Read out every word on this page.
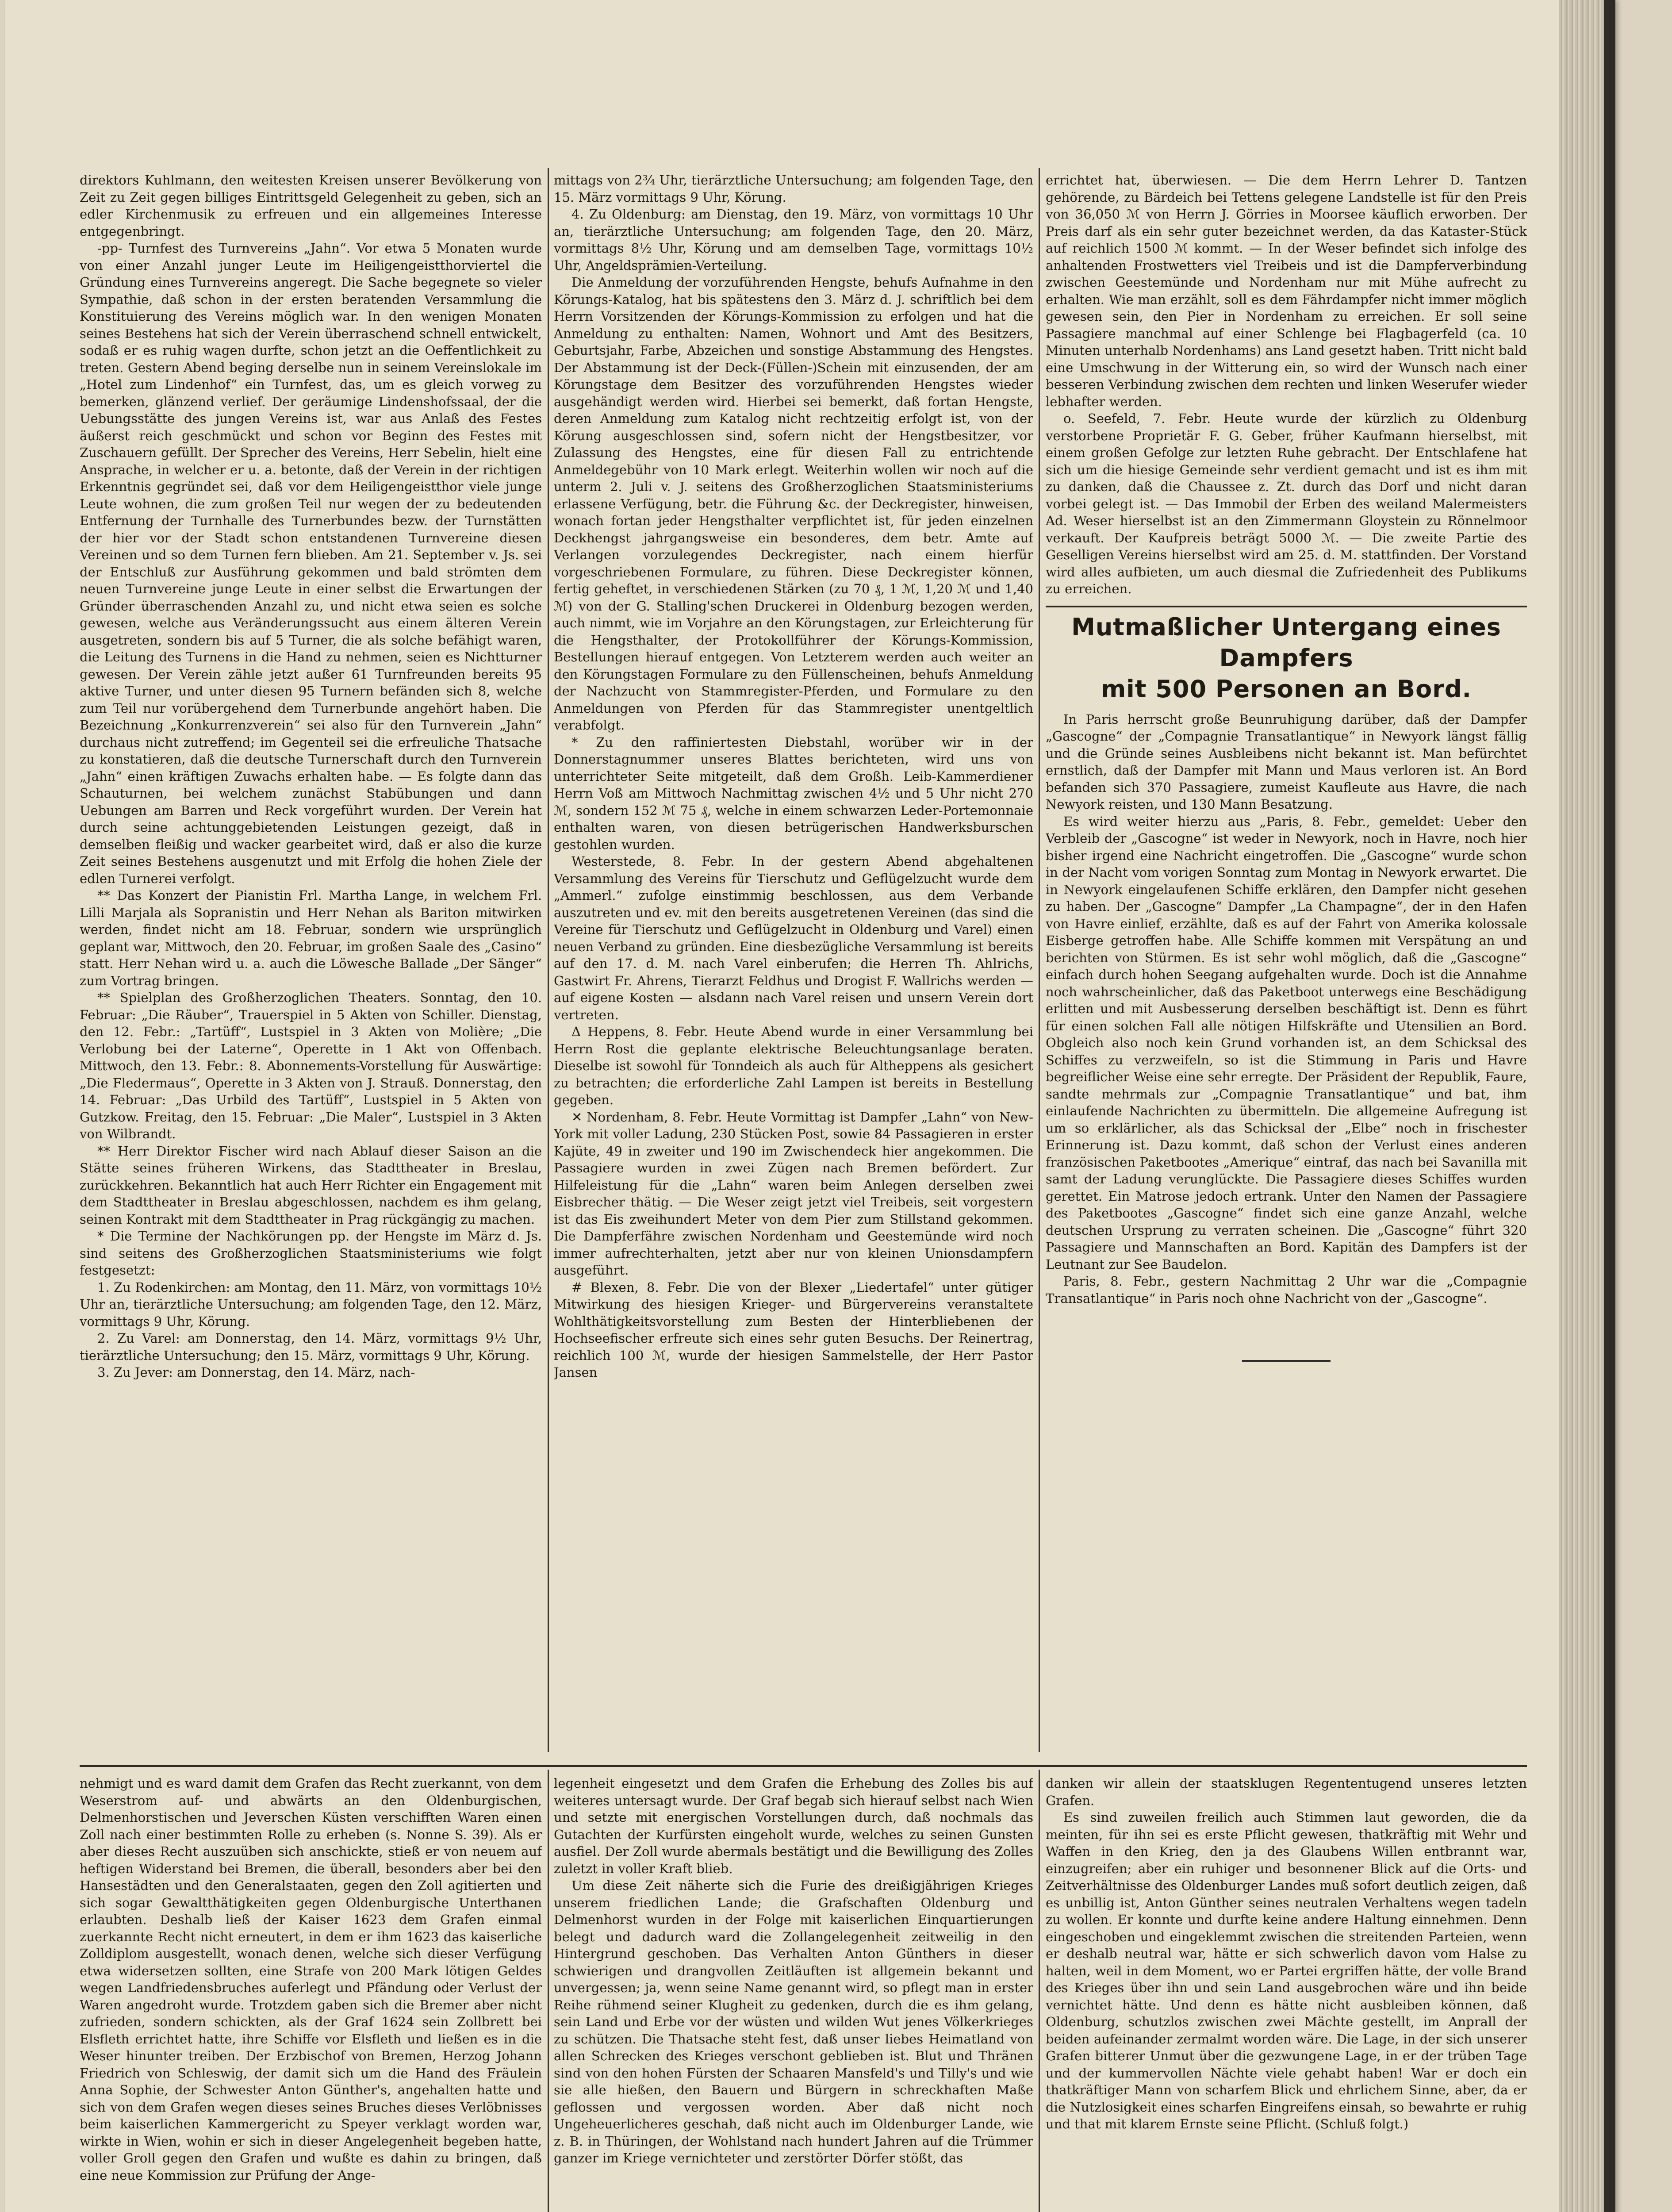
direktors Kuhlmann, den weitesten Kreisen unserer Bevölkerung von Zeit zu Zeit gegen billiges Eintrittsgeld Gelegenheit zu geben, sich an edler Kirchenmusik zu erfreuen und ein allgemeines Interesse entgegenbringt.

-pp- Turnfest des Turnvereins „Jahn“. Vor etwa 5 Monaten wurde von einer Anzahl junger Leute im Heiligengeistthorviertel die Gründung eines Turnvereins angeregt. Die Sache begegnete so vieler Sympathie, daß schon in der ersten beratenden Versammlung die Konstituierung des Vereins möglich war. In den wenigen Monaten seines Bestehens hat sich der Verein überraschend schnell entwickelt, sodaß er es ruhig wagen durfte, schon jetzt an die Oeffentlichkeit zu treten. Gestern Abend beging derselbe nun in seinem Vereinslokale im „Hotel zum Lindenhof“ ein Turnfest, das, um es gleich vorweg zu bemerken, glänzend verlief. Der geräumige Lindenshofssaal, der die Uebungsstätte des jungen Vereins ist, war aus Anlaß des Festes äußerst reich geschmückt und schon vor Beginn des Festes mit Zuschauern gefüllt. Der Sprecher des Vereins, Herr Sebelin, hielt eine Ansprache, in welcher er u. a. betonte, daß der Verein in der richtigen Erkenntnis gegründet sei, daß vor dem Heiligengeistthor viele junge Leute wohnen, die zum großen Teil nur wegen der zu bedeutenden Entfernung der Turnhalle des Turnerbundes bezw. der Turnstätten der hier vor der Stadt schon entstandenen Turnvereine diesen Vereinen und so dem Turnen fern blieben. Am 21. September v. Js. sei der Entschluß zur Ausführung gekommen und bald strömten dem neuen Turnvereine junge Leute in einer selbst die Erwartungen der Gründer überraschenden Anzahl zu, und nicht etwa seien es solche gewesen, welche aus Veränderungssucht aus einem älteren Verein ausgetreten, sondern bis auf 5 Turner, die als solche befähigt waren, die Leitung des Turnens in die Hand zu nehmen, seien es Nichtturner gewesen. Der Verein zähle jetzt außer 61 Turnfreunden bereits 95 aktive Turner, und unter diesen 95 Turnern befänden sich 8, welche zum Teil nur vorübergehend dem Turnerbunde angehört haben. Die Bezeichnung „Konkurrenzverein“ sei also für den Turnverein „Jahn“ durchaus nicht zutreffend; im Gegenteil sei die erfreuliche Thatsache zu konstatieren, daß die deutsche Turnerschaft durch den Turnverein „Jahn“ einen kräftigen Zuwachs erhalten habe. — Es folgte dann das Schauturnen, bei welchem zunächst Stabübungen und dann Uebungen am Barren und Reck vorgeführt wurden. Der Verein hat durch seine achtunggebietenden Leistungen gezeigt, daß in demselben fleißig und wacker gearbeitet wird, daß er also die kurze Zeit seines Bestehens ausgenutzt und mit Erfolg die hohen Ziele der edlen Turnerei verfolgt.

** Das Konzert der Pianistin Frl. Martha Lange, in welchem Frl. Lilli Marjala als Sopranistin und Herr Nehan als Bariton mitwirken werden, findet nicht am 18. Februar, sondern wie ursprünglich geplant war, Mittwoch, den 20. Februar, im großen Saale des „Casino“ statt. Herr Nehan wird u. a. auch die Löwesche Ballade „Der Sänger“ zum Vortrag bringen.

** Spielplan des Großherzoglichen Theaters. Sonntag, den 10. Februar: „Die Räuber“, Trauerspiel in 5 Akten von Schiller. Dienstag, den 12. Febr.: „Tartüff“, Lustspiel in 3 Akten von Molière; „Die Verlobung bei der Laterne“, Operette in 1 Akt von Offenbach. Mittwoch, den 13. Febr.: 8. Abonnements-Vorstellung für Auswärtige: „Die Fledermaus“, Operette in 3 Akten von J. Strauß. Donnerstag, den 14. Februar: „Das Urbild des Tartüff“, Lustspiel in 5 Akten von Gutzkow. Freitag, den 15. Februar: „Die Maler“, Lustspiel in 3 Akten von Wilbrandt.

** Herr Direktor Fischer wird nach Ablauf dieser Saison an die Stätte seines früheren Wirkens, das Stadttheater in Breslau, zurückkehren. Bekanntlich hat auch Herr Richter ein Engagement mit dem Stadttheater in Breslau abgeschlossen, nachdem es ihm gelang, seinen Kontrakt mit dem Stadttheater in Prag rückgängig zu machen.

* Die Termine der Nachkörungen pp. der Hengste im März d. Js. sind seitens des Großherzoglichen Staatsministeriums wie folgt festgesetzt:

1. Zu Rodenkirchen: am Montag, den 11. März, von vormittags 10½ Uhr an, tierärztliche Untersuchung; am folgenden Tage, den 12. März, vormittags 9 Uhr, Körung.

2. Zu Varel: am Donnerstag, den 14. März, vormittags 9½ Uhr, tierärztliche Untersuchung; den 15. März, vormittags 9 Uhr, Körung.

3. Zu Jever: am Donnerstag, den 14. März, nach-

mittags von 2¾ Uhr, tierärztliche Untersuchung; am folgenden Tage, den 15. März vormittags 9 Uhr, Körung.

4. Zu Oldenburg: am Dienstag, den 19. März, von vormittags 10 Uhr an, tierärztliche Untersuchung; am folgenden Tage, den 20. März, vormittags 8½ Uhr, Körung und am demselben Tage, vormittags 10½ Uhr, Angeldsprämien-Verteilung.

Die Anmeldung der vorzuführenden Hengste, behufs Aufnahme in den Körungs-Katalog, hat bis spätestens den 3. März d. J. schriftlich bei dem Herrn Vorsitzenden der Körungs-Kommission zu erfolgen und hat die Anmeldung zu enthalten: Namen, Wohnort und Amt des Besitzers, Geburtsjahr, Farbe, Abzeichen und sonstige Abstammung des Hengstes. Der Abstammung ist der Deck-(Füllen-)Schein mit einzusenden, der am Körungstage dem Besitzer des vorzuführenden Hengstes wieder ausgehändigt werden wird. Hierbei sei bemerkt, daß fortan Hengste, deren Anmeldung zum Katalog nicht rechtzeitig erfolgt ist, von der Körung ausgeschlossen sind, sofern nicht der Hengstbesitzer, vor Zulassung des Hengstes, eine für diesen Fall zu entrichtende Anmeldegebühr von 10 Mark erlegt. Weiterhin wollen wir noch auf die unterm 2. Juli v. J. seitens des Großherzoglichen Staatsministeriums erlassene Verfügung, betr. die Führung &c. der Deckregister, hinweisen, wonach fortan jeder Hengsthalter verpflichtet ist, für jeden einzelnen Deckhengst jahrgangsweise ein besonderes, dem betr. Amte auf Verlangen vorzulegendes Deckregister, nach einem hierfür vorgeschriebenen Formulare, zu führen. Diese Deckregister können, fertig geheftet, in verschiedenen Stärken (zu 70 ₰, 1 ℳ, 1,20 ℳ und 1,40 ℳ) von der G. Stalling'schen Druckerei in Oldenburg bezogen werden, auch nimmt, wie im Vorjahre an den Körungstagen, zur Erleichterung für die Hengsthalter, der Protokollführer der Körungs-Kommission, Bestellungen hierauf entgegen. Von Letzterem werden auch weiter an den Körungstagen Formulare zu den Füllenscheinen, behufs Anmeldung der Nachzucht von Stammregister-Pferden, und Formulare zu den Anmeldungen von Pferden für das Stammregister unentgeltlich verabfolgt.

* Zu den raffiniertesten Diebstahl, worüber wir in der Donnerstagnummer unseres Blattes berichteten, wird uns von unterrichteter Seite mitgeteilt, daß dem Großh. Leib-Kammerdiener Herrn Voß am Mittwoch Nachmittag zwischen 4½ und 5 Uhr nicht 270 ℳ, sondern 152 ℳ 75 ₰, welche in einem schwarzen Leder-Portemonnaie enthalten waren, von diesen betrügerischen Handwerksburschen gestohlen wurden.

Westerstede, 8. Febr. In der gestern Abend abgehaltenen Versammlung des Vereins für Tierschutz und Geflügelzucht wurde dem „Ammerl.“ zufolge einstimmig beschlossen, aus dem Verbande auszutreten und ev. mit den bereits ausgetretenen Vereinen (das sind die Vereine für Tierschutz und Geflügelzucht in Oldenburg und Varel) einen neuen Verband zu gründen. Eine diesbezügliche Versammlung ist bereits auf den 17. d. M. nach Varel einberufen; die Herren Th. Ahlrichs, Gastwirt Fr. Ahrens, Tierarzt Feldhus und Drogist F. Wallrichs werden — auf eigene Kosten — alsdann nach Varel reisen und unsern Verein dort vertreten.

Δ Heppens, 8. Febr. Heute Abend wurde in einer Versammlung bei Herrn Rost die geplante elektrische Beleuchtungsanlage beraten. Dieselbe ist sowohl für Tonndeich als auch für Altheppens als gesichert zu betrachten; die erforderliche Zahl Lampen ist bereits in Bestellung gegeben.

✕ Nordenham, 8. Febr. Heute Vormittag ist Dampfer „Lahn“ von New-York mit voller Ladung, 230 Stücken Post, sowie 84 Passagieren in erster Kajüte, 49 in zweiter und 190 im Zwischendeck hier angekommen. Die Passagiere wurden in zwei Zügen nach Bremen befördert. Zur Hilfeleistung für die „Lahn“ waren beim Anlegen derselben zwei Eisbrecher thätig. — Die Weser zeigt jetzt viel Treibeis, seit vorgestern ist das Eis zweihundert Meter von dem Pier zum Stillstand gekommen. Die Dampferfähre zwischen Nordenham und Geestemünde wird noch immer aufrechterhalten, jetzt aber nur von kleinen Unionsdampfern ausgeführt.

# Blexen, 8. Febr. Die von der Blexer „Liedertafel“ unter gütiger Mitwirkung des hiesigen Krieger- und Bürgervereins veranstaltete Wohlthätigkeitsvorstellung zum Besten der Hinterbliebenen der Hochseefischer erfreute sich eines sehr guten Besuchs. Der Reinertrag, reichlich 100 ℳ, wurde der hiesigen Sammelstelle, der Herr Pastor Jansen

errichtet hat, überwiesen. — Die dem Herrn Lehrer D. Tantzen gehörende, zu Bärdeich bei Tettens gelegene Landstelle ist für den Preis von 36,050 ℳ von Herrn J. Görries in Moorsee käuflich erworben. Der Preis darf als ein sehr guter bezeichnet werden, da das Kataster-Stück auf reichlich 1500 ℳ kommt. — In der Weser befindet sich infolge des anhaltenden Frostwetters viel Treibeis und ist die Dampferverbindung zwischen Geestemünde und Nordenham nur mit Mühe aufrecht zu erhalten. Wie man erzählt, soll es dem Fährdampfer nicht immer möglich gewesen sein, den Pier in Nordenham zu erreichen. Er soll seine Passagiere manchmal auf einer Schlenge bei Flagbagerfeld (ca. 10 Minuten unterhalb Nordenhams) ans Land gesetzt haben. Tritt nicht bald eine Umschwung in der Witterung ein, so wird der Wunsch nach einer besseren Verbindung zwischen dem rechten und linken Weserufer wieder lebhafter werden.

o. Seefeld, 7. Febr. Heute wurde der kürzlich zu Oldenburg verstorbene Proprietär F. G. Geber, früher Kaufmann hierselbst, mit einem großen Gefolge zur letzten Ruhe gebracht. Der Entschlafene hat sich um die hiesige Gemeinde sehr verdient gemacht und ist es ihm mit zu danken, daß die Chaussee z. Zt. durch das Dorf und nicht daran vorbei gelegt ist. — Das Immobil der Erben des weiland Malermeisters Ad. Weser hierselbst ist an den Zimmermann Gloystein zu Rönnelmoor verkauft. Der Kaufpreis beträgt 5000 ℳ. — Die zweite Partie des Geselligen Vereins hierselbst wird am 25. d. M. stattfinden. Der Vorstand wird alles aufbieten, um auch diesmal die Zufriedenheit des Publikums zu erreichen.

Mutmaßlicher Untergang eines Dampfers
mit 500 Personen an Bord.

In Paris herrscht große Beunruhigung darüber, daß der Dampfer „Gascogne“ der „Compagnie Transatlantique“ in Newyork längst fällig und die Gründe seines Ausbleibens nicht bekannt ist. Man befürchtet ernstlich, daß der Dampfer mit Mann und Maus verloren ist. An Bord befanden sich 370 Passagiere, zumeist Kaufleute aus Havre, die nach Newyork reisten, und 130 Mann Besatzung.

Es wird weiter hierzu aus „Paris, 8. Febr., gemeldet: Ueber den Verbleib der „Gascogne“ ist weder in Newyork, noch in Havre, noch hier bisher irgend eine Nachricht eingetroffen. Die „Gascogne“ wurde schon in der Nacht vom vorigen Sonntag zum Montag in Newyork erwartet. Die in Newyork eingelaufenen Schiffe erklären, den Dampfer nicht gesehen zu haben. Der „Gascogne“ Dampfer „La Champagne“, der in den Hafen von Havre einlief, erzählte, daß es auf der Fahrt von Amerika kolossale Eisberge getroffen habe. Alle Schiffe kommen mit Verspätung an und berichten von Stürmen. Es ist sehr wohl möglich, daß die „Gascogne“ einfach durch hohen Seegang aufgehalten wurde. Doch ist die Annahme noch wahrscheinlicher, daß das Paketboot unterwegs eine Beschädigung erlitten und mit Ausbesserung derselben beschäftigt ist. Denn es führt für einen solchen Fall alle nötigen Hilfskräfte und Utensilien an Bord. Obgleich also noch kein Grund vorhanden ist, an dem Schicksal des Schiffes zu verzweifeln, so ist die Stimmung in Paris und Havre begreiflicher Weise eine sehr erregte. Der Präsident der Republik, Faure, sandte mehrmals zur „Compagnie Transatlantique“ und bat, ihm einlaufende Nachrichten zu übermitteln. Die allgemeine Aufregung ist um so erklärlicher, als das Schicksal der „Elbe“ noch in frischester Erinnerung ist. Dazu kommt, daß schon der Verlust eines anderen französischen Paketbootes „Amerique“ eintraf, das nach bei Savanilla mit samt der Ladung verunglückte. Die Passagiere dieses Schiffes wurden gerettet. Ein Matrose jedoch ertrank. Unter den Namen der Passagiere des Paketbootes „Gascogne“ findet sich eine ganze Anzahl, welche deutschen Ursprung zu verraten scheinen. Die „Gascogne“ führt 320 Passagiere und Mannschaften an Bord. Kapitän des Dampfers ist der Leutnant zur See Baudelon.

Paris, 8. Febr., gestern Nachmittag 2 Uhr war die „Compagnie Transatlantique“ in Paris noch ohne Nachricht von der „Gascogne“.

nehmigt und es ward damit dem Grafen das Recht zuerkannt, von dem Weserstrom auf- und abwärts an den Oldenburgischen, Delmenhorstischen und Jeverschen Küsten verschifften Waren einen Zoll nach einer bestimmten Rolle zu erheben (s. Nonne S. 39). Als er aber dieses Recht auszuüben sich anschickte, stieß er von neuem auf heftigen Widerstand bei Bremen, die überall, besonders aber bei den Hansestädten und den Generalstaaten, gegen den Zoll agitierten und sich sogar Gewaltthätigkeiten gegen Oldenburgische Unterthanen erlaubten. Deshalb ließ der Kaiser 1623 dem Grafen einmal zuerkannte Recht nicht erneutert, in dem er ihm 1623 das kaiserliche Zolldiplom ausgestellt, wonach denen, welche sich dieser Verfügung etwa widersetzen sollten, eine Strafe von 200 Mark lötigen Geldes wegen Landfriedensbruches auferlegt und Pfändung oder Verlust der Waren angedroht wurde. Trotzdem gaben sich die Bremer aber nicht zufrieden, sondern schickten, als der Graf 1624 sein Zollbrett bei Elsfleth errichtet hatte, ihre Schiffe vor Elsfleth und ließen es in die Weser hinunter treiben. Der Erzbischof von Bremen, Herzog Johann Friedrich von Schleswig, der damit sich um die Hand des Fräulein Anna Sophie, der Schwester Anton Günther's, angehalten hatte und sich von dem Grafen wegen dieses seines Bruches dieses Verlöbnisses beim kaiserlichen Kammergericht zu Speyer verklagt worden war, wirkte in Wien, wohin er sich in dieser Angelegenheit begeben hatte, voller Groll gegen den Grafen und wußte es dahin zu bringen, daß eine neue Kommission zur Prüfung der Ange-

legenheit eingesetzt und dem Grafen die Erhebung des Zolles bis auf weiteres untersagt wurde. Der Graf begab sich hierauf selbst nach Wien und setzte mit energischen Vorstellungen durch, daß nochmals das Gutachten der Kurfürsten eingeholt wurde, welches zu seinen Gunsten ausfiel. Der Zoll wurde abermals bestätigt und die Bewilligung des Zolles zuletzt in voller Kraft blieb.

Um diese Zeit näherte sich die Furie des dreißigjährigen Krieges unserem friedlichen Lande; die Grafschaften Oldenburg und Delmenhorst wurden in der Folge mit kaiserlichen Einquartierungen belegt und dadurch ward die Zollangelegenheit zeitweilig in den Hintergrund geschoben. Das Verhalten Anton Günthers in dieser schwierigen und drangvollen Zeitläuften ist allgemein bekannt und unvergessen; ja, wenn seine Name genannt wird, so pflegt man in erster Reihe rühmend seiner Klugheit zu gedenken, durch die es ihm gelang, sein Land und Erbe vor der wüsten und wilden Wut jenes Völkerkrieges zu schützen. Die Thatsache steht fest, daß unser liebes Heimatland von allen Schrecken des Krieges verschont geblieben ist. Blut und Thränen sind von den hohen Fürsten der Schaaren Mansfeld's und Tilly's und wie sie alle hießen, den Bauern und Bürgern in schreckhaften Maße geflossen und vergossen worden. Aber daß nicht noch Ungeheuerlicheres geschah, daß nicht auch im Oldenburger Lande, wie z. B. in Thüringen, der Wohlstand nach hundert Jahren auf die Trümmer ganzer im Kriege vernichteter und zerstörter Dörfer stößt, das

danken wir allein der staatsklugen Regententugend unseres letzten Grafen.

Es sind zuweilen freilich auch Stimmen laut geworden, die da meinten, für ihn sei es erste Pflicht gewesen, thatkräftig mit Wehr und Waffen in den Krieg, den ja des Glaubens Willen entbrannt war, einzugreifen; aber ein ruhiger und besonnener Blick auf die Orts- und Zeitverhältnisse des Oldenburger Landes muß sofort deutlich zeigen, daß es unbillig ist, Anton Günther seines neutralen Verhaltens wegen tadeln zu wollen. Er konnte und durfte keine andere Haltung einnehmen. Denn eingeschoben und eingeklemmt zwischen die streitenden Parteien, wenn er deshalb neutral war, hätte er sich schwerlich davon vom Halse zu halten, weil in dem Moment, wo er Partei ergriffen hätte, der volle Brand des Krieges über ihn und sein Land ausgebrochen wäre und ihn beide vernichtet hätte. Und denn es hätte nicht ausbleiben können, daß Oldenburg, schutzlos zwischen zwei Mächte gestellt, im Anprall der beiden aufeinander zermalmt worden wäre. Die Lage, in der sich unserer Grafen bitterer Unmut über die gezwungene Lage, in er der trüben Tage und der kummervollen Nächte viele gehabt haben! War er doch ein thatkräftiger Mann von scharfem Blick und ehrlichem Sinne, aber, da er die Nutzlosigkeit eines scharfen Eingreifens einsah, so bewahrte er ruhig und that mit klarem Ernste seine Pflicht. (Schluß folgt.)
